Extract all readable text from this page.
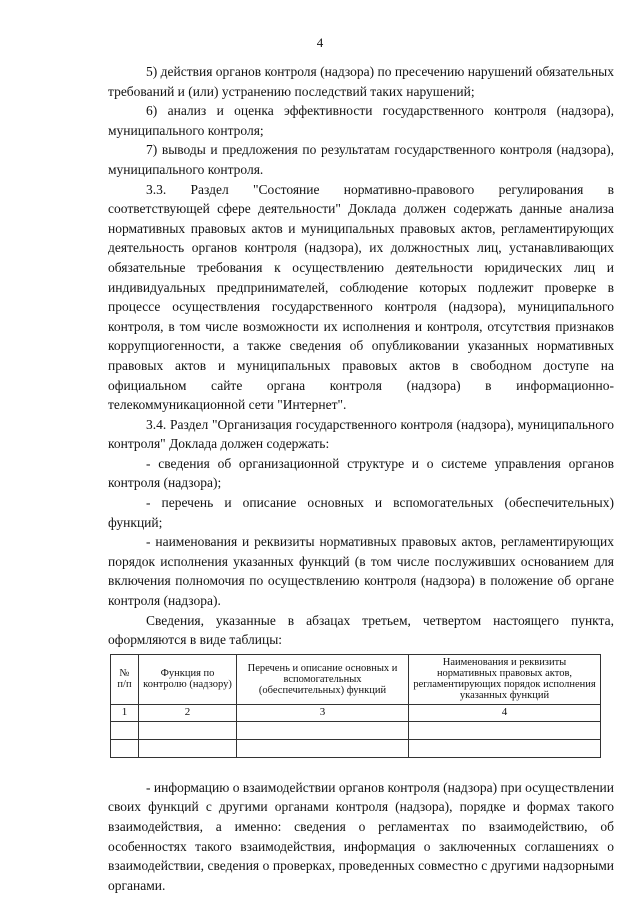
4

5) действия органов контроля (надзора) по пресечению нарушений обязательных требований и (или) устранению последствий таких нарушений;

6) анализ и оценка эффективности государственного контроля (надзора), муниципального контроля;

7) выводы и предложения по результатам государственного контроля (надзора), муниципального контроля.

3.3. Раздел "Состояние нормативно-правового регулирования в соответствующей сфере деятельности" Доклада должен содержать данные анализа нормативных правовых актов и муниципальных правовых актов, регламентирующих деятельность органов контроля (надзора), их должностных лиц, устанавливающих обязательные требования к осуществлению деятельности юридических лиц и индивидуальных предпринимателей, соблюдение которых подлежит проверке в процессе осуществления государственного контроля (надзора), муниципального контроля, в том числе возможности их исполнения и контроля, отсутствия признаков коррупциогенности, а также сведения об опубликовании указанных нормативных правовых актов и муниципальных правовых актов в свободном доступе на официальном сайте органа контроля (надзора) в информационно-телекоммуникационной сети "Интернет".

3.4. Раздел "Организация государственного контроля (надзора), муниципального контроля" Доклада должен содержать:

- сведения об организационной структуре и о системе управления органов контроля (надзора);

- перечень и описание основных и вспомогательных (обеспечительных) функций;

- наименования и реквизиты нормативных правовых актов, регламентирующих порядок исполнения указанных функций (в том числе послуживших основанием для включения полномочия по осуществлению контроля (надзора) в положение об органе контроля (надзора).

Сведения, указанные в абзацах третьем, четвертом настоящего пункта, оформляются в виде таблицы:

№ п/п	Функция по контролю (надзору)	Перечень и описание основных и вспомогательных (обеспечительных) функций	Наименования и реквизиты нормативных правовых актов, регламентирующих порядок исполнения указанных функций
1	2	3	4

- информацию о взаимодействии органов контроля (надзора) при осуществлении своих функций с другими органами контроля (надзора), порядке и формах такого взаимодействия, а именно: сведения о регламентах по взаимодействию, об особенностях такого взаимодействия, информация о заключенных соглашениях о взаимодействии, сведения о проверках, проведенных совместно с другими надзорными органами.
